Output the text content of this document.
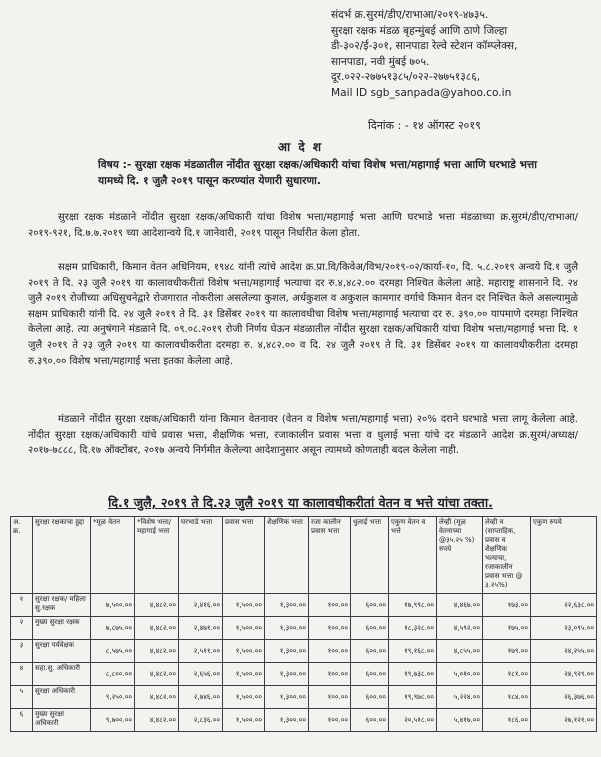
संदर्भ क्र.सुरमं/डीए/राभाआ/२०१९-४७३५.
सुरक्षा रक्षक मंडळ बृहन्मुंबई आणि ठाणे जिल्हा
डी-३०२/ई-३०१, सानपाडा रेल्वे स्टेशन कॉम्प्लेक्स,
सानपाडा, नवी मुंबई ७०५.
दूर.०२२-२७७५१३८५/०२२-२७७५१३८६,
Mail ID sgb_sanpada@yahoo.co.in
दिनांक : - १४ ऑगस्ट २०१९
आ दे श
विषय :- सुरक्षा रक्षक मंडळातील नोंदीत सुरक्षा रक्षक/अधिकारी यांचा विशेष भत्ता/महागाई भत्ता आणि घरभाडे भत्ता यामध्ये दि. १ जुलै २०१९ पासून करण्यांत येणारी सुधारणा.
सुरक्षा रक्षक मंडळाने नोंदीत सुरक्षा रक्षक/अधिकारी यांचा विशेष भत्ता/महागाई भत्ता आणि घरभाडे भत्ता मंडळाच्या क्र.सुरमं/डीए/राभाआ/२०१९-९२१, दि.७.७.२०१९ च्या आदेशान्वये दि.१ जानेवारी, २०१९ पासून निर्धारीत केला होता.
सक्षम प्राधिकारी, किमान वेतन अधिनियम, १९४८ यांनी त्यांचे आदेश क्र.प्रा.वि/किवेअ/विभ/२०१९-०२/कार्या-१०, दि. ५.८.२०१९ अन्वये दि.१ जुलै २०१९ ते दि. २३ जुलै २०१९ या कालावधीकरीतां विशेष भत्ता/महागाई भत्याचा दर रु.४,४८२.०० दरमहा निश्चित केलेला आहे. महाराष्ट्र शासनाने दि. २४ जुलै २०१९ रोजीच्या अधिसुचनेद्वारे रोजगारात नोकरीला असलेल्या कुशल, अर्धकुशल व अकुशल कामगार वर्गाचे किमान वेतन दर निश्चित केले असल्यामुळे सक्षम प्राधिकारी यांनी दि. २४ जुलै २०१९ ते दि. ३१ डिसेंबर २०१९ या कालावधीचा विशेष भत्ता/महागाई भत्याचा दर रु. ३९०.०० यापमाणे दरमहा निश्चित केलेला आहे. त्या अनुषंगाने मंडळाने दि. ०९.०८.२०१९ रोजी निर्णय घेऊन मंडळातील नोंदीत सुरक्षा रक्षक/अधिकारी यांचा विशेष भत्ता/महागाई भत्ता दि. १ जुलै २०१९ ते २३ जुलै २०१९ या कालावधीकरीता दरमहा रु. ४,४८२.०० व दि. २४ जुलै २०१९ ते दि. ३१ डिसेंबर २०१९ या कालावधीकरीता दरमहा रु.३९०.०० विशेष भत्ता/महागाई भत्ता इतका केलेला आहे.
मंडळाने नोंदीत सुरक्षा रक्षक/अधिकारी यांना किमान वेतनावर (वेतन व विशेष भत्ता/महागाई भत्ता) २०% दराने घरभाडे भत्ता लागू केलेला आहे. नोंदीत सुरक्षा रक्षक/अधिकारी यांचे प्रवास भत्ता, शैक्षणिक भत्ता, रजाकालीन प्रवास भत्ता व धुलाई भत्ता यांचे दर मंडळाने आदेश क्र.सुरमं/अध्यक्ष/२०१७-७८८८, दि.१७ ऑक्टोंबर, २०१७ अन्वये निर्गमीत केलेल्या आदेशानुसार असून त्यामध्ये कोणताही बदल केलेला नाही.
दि.१ जुलै, २०१९ ते दि.२३ जुलै २०१९ या कालावधीकरीतां वेतन व भत्ते यांचा तक्ता.
अ. क्र.	सुरक्षा रक्षकाचा हुद्दा	*मूळ वेतन	*विशेष भत्ता/ महागाई भत्ता	घरभाडे भत्ता	प्रवास भत्ता	शैक्षणिक भत्ता	रजा कालीन प्रवास भत्ता	धुलाई भत्ता	एकुण वेतन व भत्ते	लेव्ही (मूळ वेतनाच्या @३५.२५ %) रुपये	लेव्ही व (साप्ताहिक, प्रवास व शैक्षणिक भत्याचा, रजाकालीन प्रवास भत्ता @ ३.२५%)	एकुण रुपये
१	सुरक्षा रक्षक/ महिला सु.रक्षक	७,५००.००	४,४८२.००	२,४१६.००	१,५००.००	१,३००.००	१००.००	६००.००	१७,९९८.००	४,४६७.००	१७३.००	२२,६३८.००
२	मुख्य सुरक्षा रक्षक	७,८७५.००	४,४८२.००	२,४७१.००	१,५००.००	१,३००.००	१००.००	६००.००	१८,३२८.००	४,५९२.००	१७५.००	२३,०९५.००
३	सुरक्षा पर्यवेक्षक	८,५७५.००	४,४८२.००	२,५११.००	१,५००.००	१,३००.००	१००.००	६००.००	१९,१६८.००	४,८५५.००	१७९.००	२४,२५५.००
४	सहा.सु. अधिकारी	८,८००.००	४,४८२.००	२,६५६.००	१,५००.००	१,३००.००	१००.००	६००.००	१९,७३८.००	५,०१०.००	१८१.००	२४,९२९.००
५	सुरक्षा अधिकारी	९,२५०.००	४,४८२.००	२,७४६.००	१,५००.००	१,३००.००	१००.००	६००.००	१९,९७८.००	५,२२४.००	१८४.००	२६,३७६.००
६	मुख्य सुरक्षा अधिकारी	९,७००.००	४,४८२.००	२,८३६.००	१,५००.००	१,३००.००	१००.००	६००.००	२०,५१८.००	५,४१७.००	१८६.००	२७,१२१.००
